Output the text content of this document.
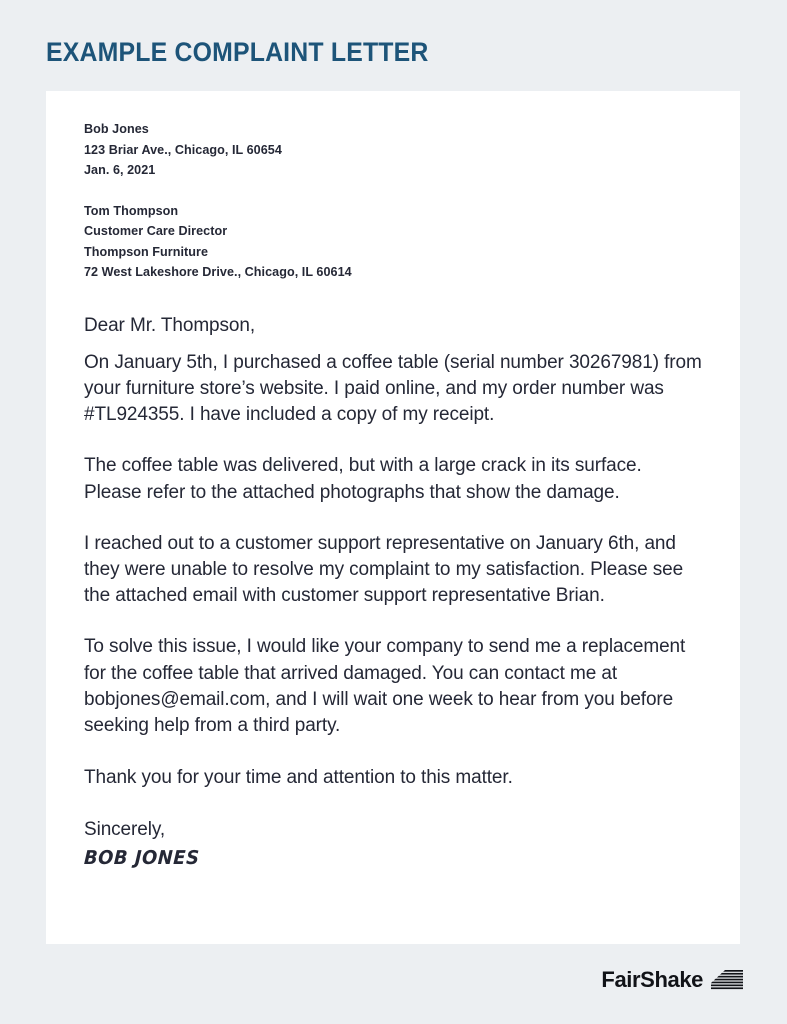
EXAMPLE COMPLAINT LETTER
Bob Jones
123 Briar Ave., Chicago, IL 60654
Jan. 6, 2021
Tom Thompson
Customer Care Director
Thompson Furniture
72 West Lakeshore Drive., Chicago, IL 60614
Dear Mr. Thompson,
On January 5th, I purchased a coffee table (serial number 30267981) from your furniture store’s website. I paid online, and my order number was #TL924355. I have included a copy of my receipt.
The coffee table was delivered, but with a large crack in its surface. Please refer to the attached photographs that show the damage.
I reached out to a customer support representative on January 6th, and they were unable to resolve my complaint to my satisfaction. Please see the attached email with customer support representative Brian.
To solve this issue, I would like your company to send me a replacement for the coffee table that arrived damaged. You can contact me at bobjones@email.com, and I will wait one week to hear from you before seeking help from a third party.
Thank you for your time and attention to this matter.
Sincerely,
BOB JONES
FairShake
